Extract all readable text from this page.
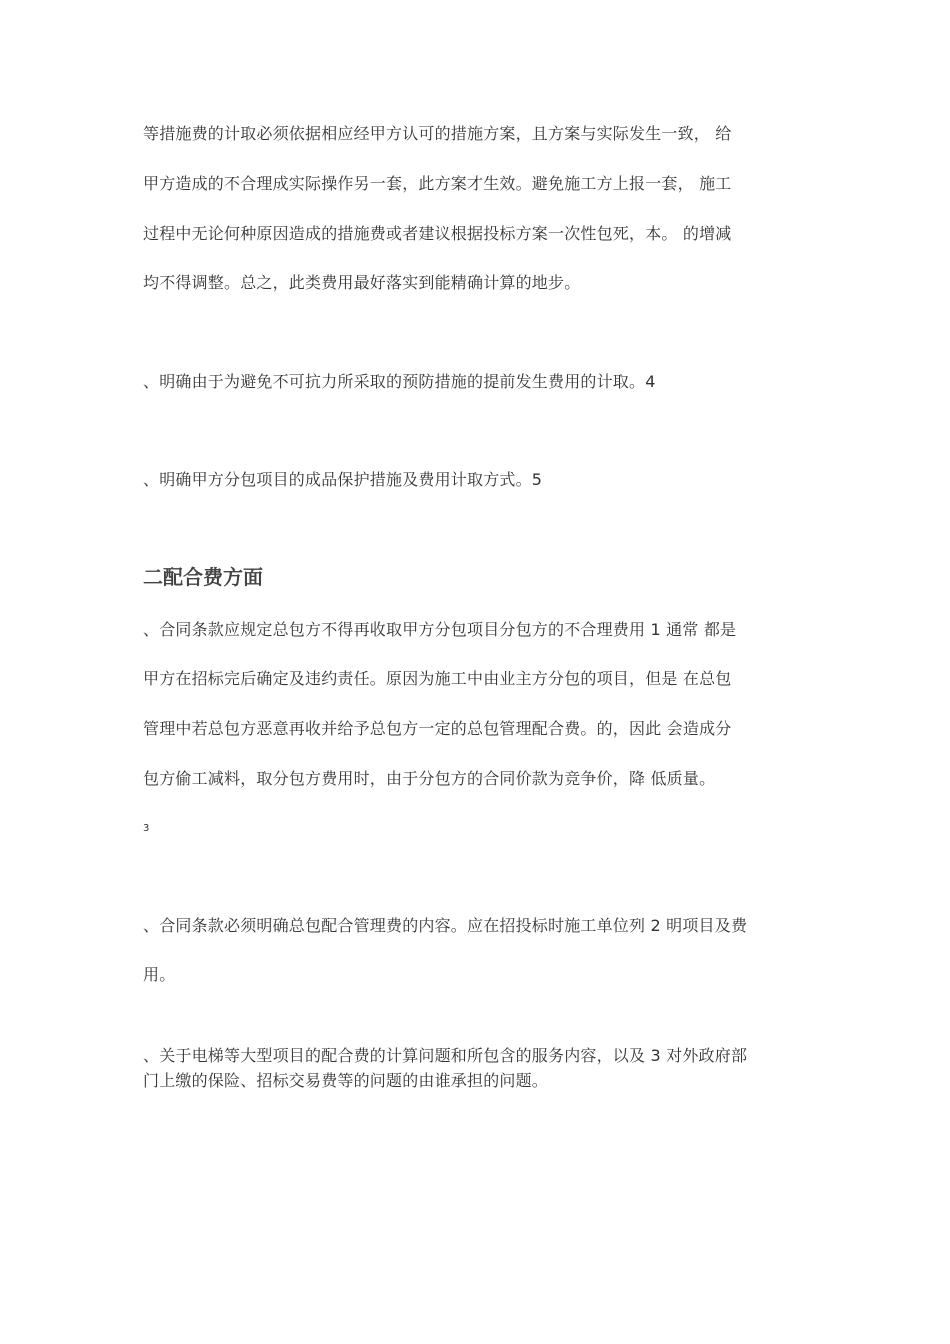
等措施费的计取必须依据相应经甲方认可的措施方案，且方案与实际发生一致， 给
甲方造成的不合理成实际操作另一套，此方案才生效。避免施工方上报一套， 施工
过程中无论何种原因造成的措施费或者建议根据投标方案一次性包死，本。 的增减
均不得调整。总之，此类费用最好落实到能精确计算的地步。
、明确由于为避免不可抗力所采取的预防措施的提前发生费用的计取。4
、明确甲方分包项目的成品保护措施及费用计取方式。5
二配合费方面
、合同条款应规定总包方不得再收取甲方分包项目分包方的不合理费用 1 通常 都是
甲方在招标完后确定及违约责任。原因为施工中由业主方分包的项目，但是 在总包
管理中若总包方恶意再收并给予总包方一定的总包管理配合费。的，因此 会造成分
包方偷工减料，取分包方费用时，由于分包方的合同价款为竞争价，降 低质量。
3
、合同条款必须明确总包配合管理费的内容。应在招投标时施工单位列 2 明项目及费
用。
、关于电梯等大型项目的配合费的计算问题和所包含的服务内容，以及 3 对外政府部
门上缴的保险、招标交易费等的问题的由谁承担的问题。
